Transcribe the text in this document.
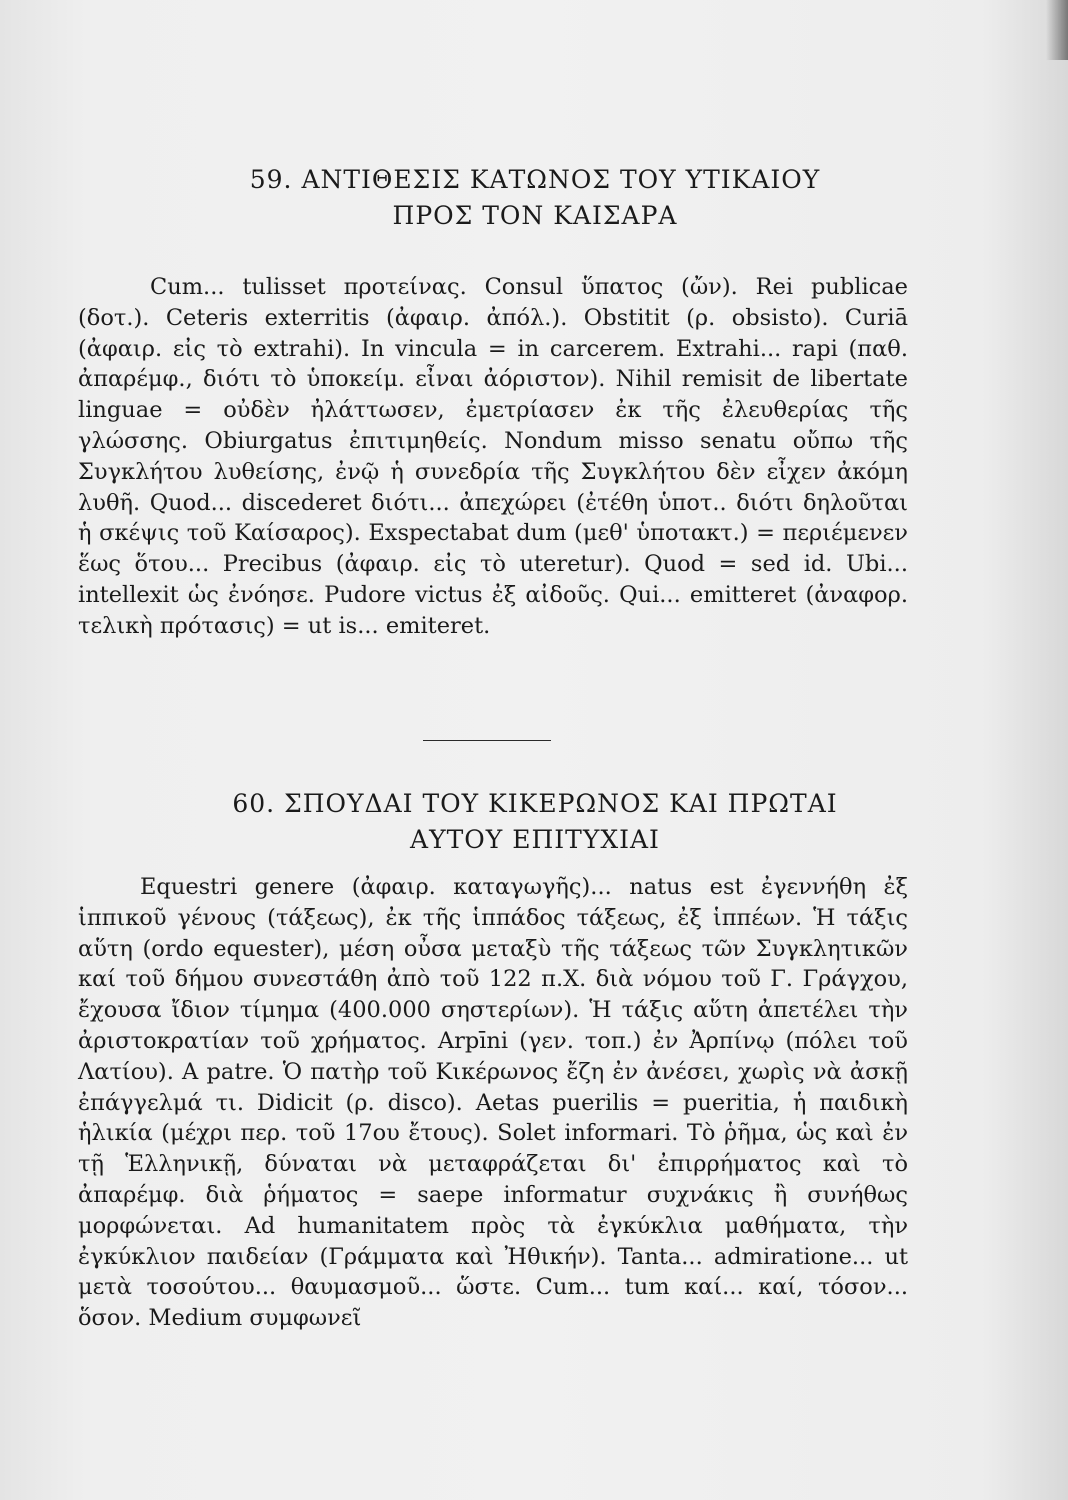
59. ΑΝΤΙΘΕΣΙΣ ΚΑΤΩΝΟΣ ΤΟΥ ΥΤΙΚΑΙΟΥ
ΠΡΟΣ ΤΟΝ ΚΑΙΣΑΡΑ
Cum... tulisset προτείνας. Consul ὕπατος (ὤν). Rei publicae (δοτ.). Ceteris exterritis (ἀφαιρ. ἀπόλ.). Obstitit (ρ. obsisto). Curiā (ἀφαιρ. εἰς τὸ extrahi). In vincula = in carcerem. Extrahi... rapi (παθ. ἀπαρέμφ., διότι τὸ ὑποκείμ. εἶναι ἀόριστον). Nihil remisit de libertate linguae = οὐδὲν ἠλάττωσεν, ἐμετρίασεν ἐκ τῆς ἐλευθερίας τῆς γλώσσης. Obiurgatus ἐπιτιμηθείς. Nondum misso senatu οὔπω τῆς Συγκλήτου λυθείσης, ἐνῷ ἡ συνεδρία τῆς Συγκλήτου δὲν εἶχεν ἀκόμη λυθῆ. Quod... discederet διότι... ἀπεχώρει (ἐτέθη ὑποτ.. διότι δηλοῦται ἡ σκέψις τοῦ Καίσαρος). Exspectabat dum (μεθ' ὑποτακτ.) = περιέμενεν ἕως ὅτου... Precibus (ἀφαιρ. εἰς τὸ uteretur). Quod = sed id. Ubi... intellexit ὡς ἐνόησε. Pudore victus ἐξ αἰδοῦς. Qui... emitteret (ἀναφορ. τελικὴ πρότασις) = ut is... emiteret.
60. ΣΠΟΥΔΑΙ ΤΟΥ ΚΙΚΕΡΩΝΟΣ ΚΑΙ ΠΡΩΤΑΙ
ΑΥΤΟΥ ΕΠΙΤΥΧΙΑΙ
Equestri genere (ἀφαιρ. καταγωγῆς)... natus est ἐγεννήθη ἐξ ἱππικοῦ γένους (τάξεως), ἐκ τῆς ἱππάδος τάξεως, ἐξ ἱππέων. Ἡ τάξις αὕτη (ordo equester), μέση οὖσα μεταξὺ τῆς τάξεως τῶν Συγκλητικῶν καί τοῦ δήμου συνεστάθη ἀπὸ τοῦ 122 π.Χ. διὰ νόμου τοῦ Γ. Γράγχου, ἔχουσα ἴδιον τίμημα (400.000 σηστερίων). Ἡ τάξις αὕτη ἀπετέλει τὴν ἀριστοκρατίαν τοῦ χρήματος. Arpīni (γεν. τοπ.) ἐν Ἀρπίνῳ (πόλει τοῦ Λατίου). A patre. Ὁ πατὴρ τοῦ Κικέρωνος ἔζη ἐν ἀνέσει, χωρὶς νὰ ἀσκῇ ἐπάγγελμά τι. Didicit (ρ. disco). Aetas puerilis = pueritia, ἡ παιδικὴ ἡλικία (μέχρι περ. τοῦ 17ου ἔτους). Solet informari. Τὸ ῥῆμα, ὡς καὶ ἐν τῇ Ἑλληνικῇ, δύναται νὰ μεταφράζεται δι' ἐπιρρήματος καὶ τὸ ἀπαρέμφ. διὰ ῥήματος = saepe informatur συχνάκις ἢ συνήθως μορφώνεται. Ad humanitatem πρὸς τὰ ἐγκύκλια μαθήματα, τὴν ἐγκύκλιον παιδείαν (Γράμματα καὶ Ἠθικήν). Tanta... admiratione... ut μετὰ τοσούτου... θαυμασμοῦ... ὥστε. Cum... tum καί... καί, τόσον... ὅσον. Medium συμφωνεῖ
